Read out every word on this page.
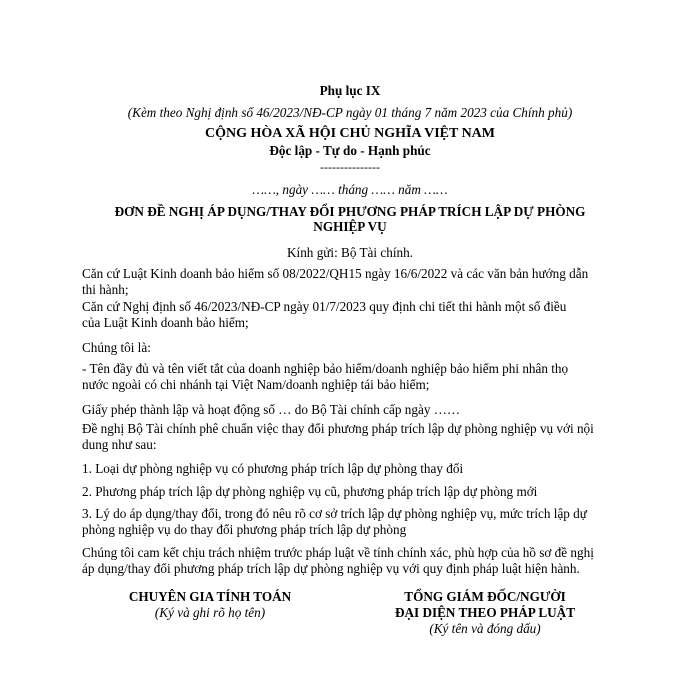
Phụ lục IX
(Kèm theo Nghị định số 46/2023/NĐ-CP ngày 01 tháng 7 năm 2023 của Chính phủ)
CỘNG HÒA XÃ HỘI CHỦ NGHĨA VIỆT NAM
Độc lập - Tự do - Hạnh phúc
---------------
……, ngày …… tháng …… năm ……
ĐƠN ĐỀ NGHỊ ÁP DỤNG/THAY ĐỔI PHƯƠNG PHÁP TRÍCH LẬP DỰ PHÒNG
NGHIỆP VỤ
Kính gửi: Bộ Tài chính.
Căn cứ Luật Kinh doanh bảo hiểm số 08/2022/QH15 ngày 16/6/2022 và các văn bản hướng dẫn
thi hành;
Căn cứ Nghị định số 46/2023/NĐ-CP ngày 01/7/2023 quy định chi tiết thi hành một số điều
của Luật Kinh doanh bảo hiểm;
Chúng tôi là:
- Tên đầy đủ và tên viết tắt của doanh nghiệp bảo hiểm/doanh nghiệp bảo hiểm phi nhân thọ
nước ngoài có chi nhánh tại Việt Nam/doanh nghiệp tái bảo hiểm;
Giấy phép thành lập và hoạt động số … do Bộ Tài chính cấp ngày ……
Đề nghị Bộ Tài chính phê chuẩn việc thay đổi phương pháp trích lập dự phòng nghiệp vụ với nội
dung như sau:
1. Loại dự phòng nghiệp vụ có phương pháp trích lập dự phòng thay đổi
2. Phương pháp trích lập dự phòng nghiệp vụ cũ, phương pháp trích lập dự phòng mới
3. Lý do áp dụng/thay đổi, trong đó nêu rõ cơ sở trích lập dự phòng nghiệp vụ, mức trích lập dự
phòng nghiệp vụ do thay đổi phương pháp trích lập dự phòng
Chúng tôi cam kết chịu trách nhiệm trước pháp luật về tính chính xác, phù hợp của hồ sơ đề nghị
áp dụng/thay đổi phương pháp trích lập dự phòng nghiệp vụ với quy định pháp luật hiện hành.
CHUYÊN GIA TÍNH TOÁN
(Ký và ghi rõ họ tên)
TỔNG GIÁM ĐỐC/NGƯỜI
ĐẠI DIỆN THEO PHÁP LUẬT
(Ký tên và đóng dấu)
